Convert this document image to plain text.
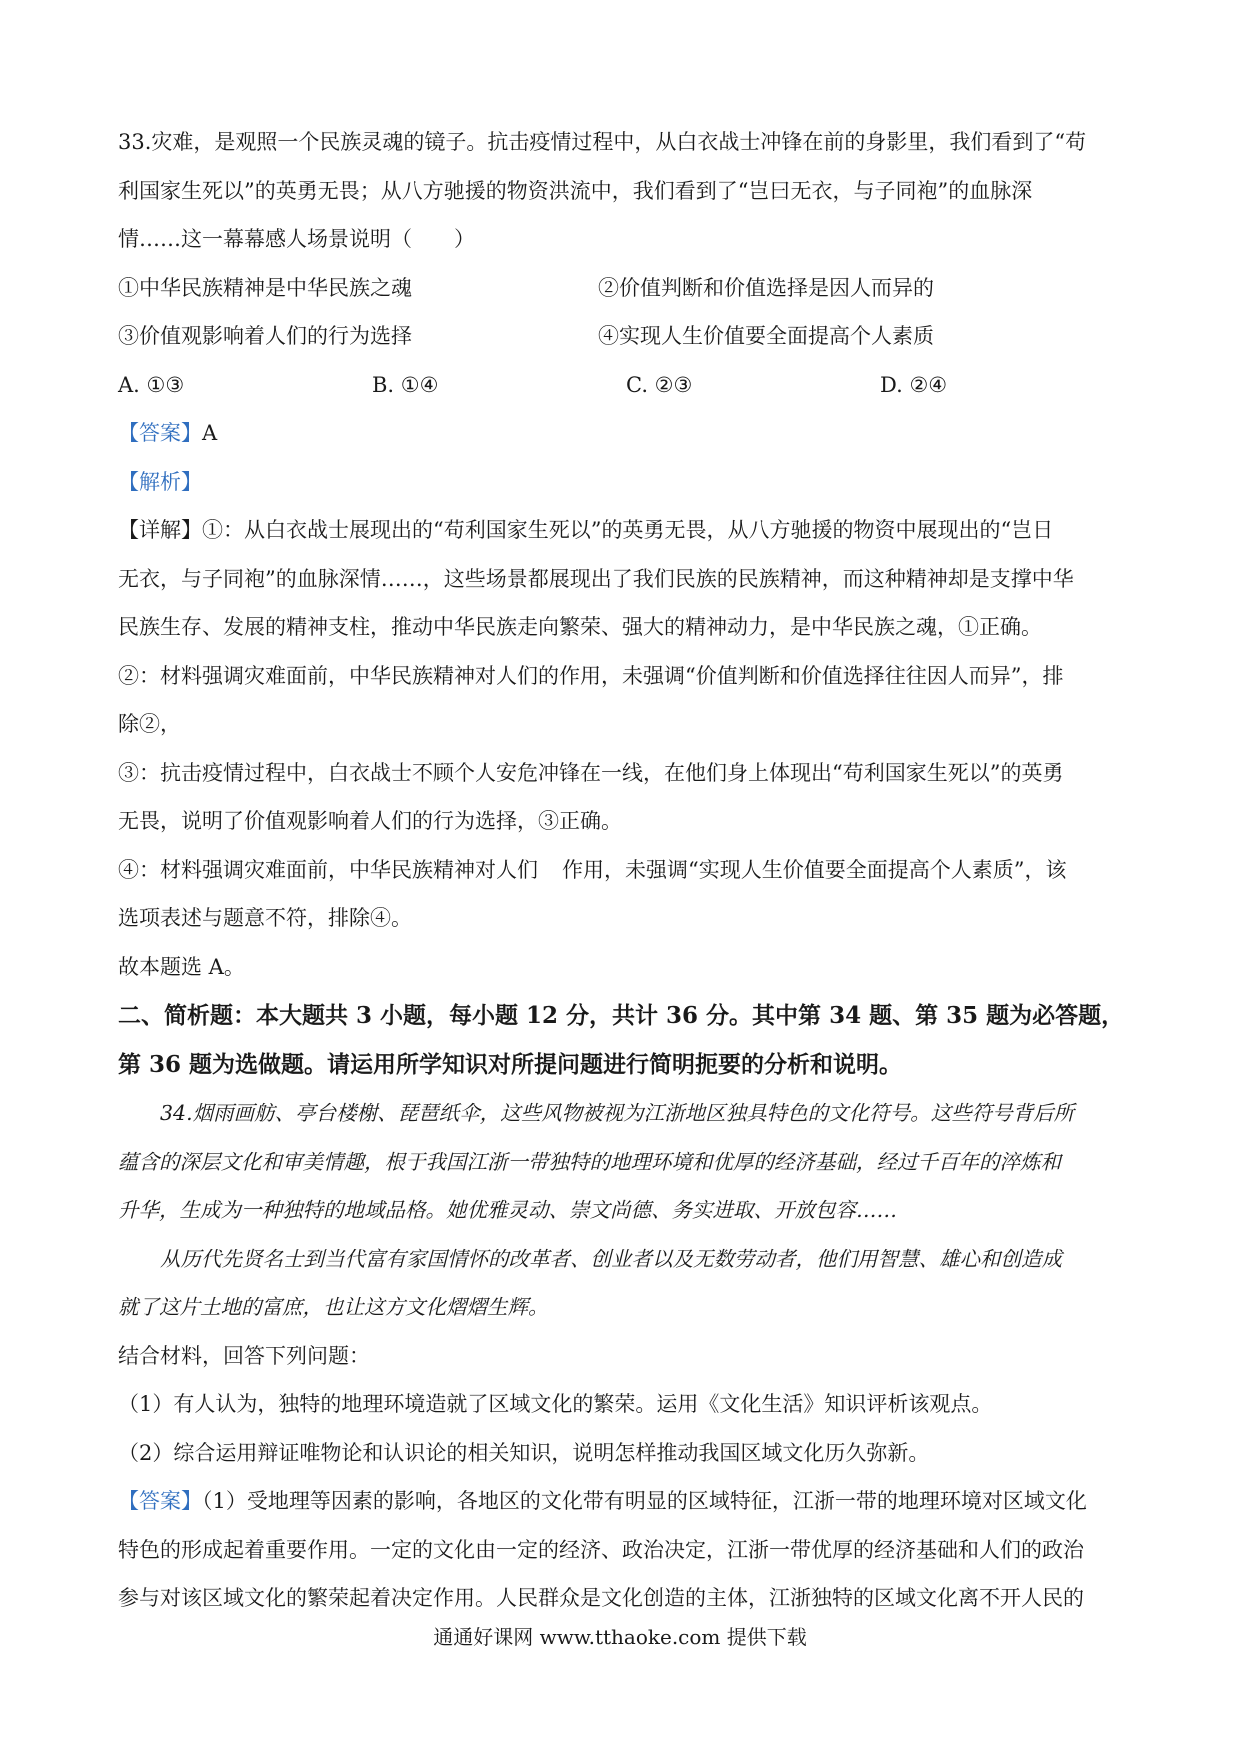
33.灾难，是观照一个民族灵魂的镜子。抗击疫情过程中，从白衣战士冲锋在前的身影里，我们看到了“苟
利国家生死以”的英勇无畏；从八方驰援的物资洪流中，我们看到了“岂曰无衣，与子同袍”的血脉深
情……这一幕幕感人场景说明（　　）
①中华民族精神是中华民族之魂	②价值判断和价值选择是因人而异的
③价值观影响着人们的行为选择	④实现人生价值要全面提高个人素质
A. ①③	B. ①④	C. ②③	D. ②④
【答案】A
【解析】
【详解】①：从白衣战士展现出的“苟利国家生死以”的英勇无畏，从八方驰援的物资中展现出的“岂日
无衣，与子同袍”的血脉深情……，这些场景都展现出了我们民族的民族精神，而这种精神却是支撑中华
民族生存、发展的精神支柱，推动中华民族走向繁荣、强大的精神动力，是中华民族之魂，①正确。
②：材料强调灾难面前，中华民族精神对人们的作用，未强调“价值判断和价值选择往往因人而异”，排
除②，
③：抗击疫情过程中，白衣战士不顾个人安危冲锋在一线，在他们身上体现出“苟利国家生死以”的英勇
无畏，说明了价值观影响着人们的行为选择，③正确。
④：材料强调灾难面前，中华民族精神对人们 作用，未强调“实现人生价值要全面提高个人素质”，该
选项表述与题意不符，排除④。
故本题选 A。
二、简析题：本大题共 3 小题，每小题 12 分，共计 36 分。其中第 34 题、第 35 题为必答题，
第 36 题为选做题。请运用所学知识对所提问题进行简明扼要的分析和说明。
34.烟雨画舫、亭台楼榭、琵琶纸伞，这些风物被视为江浙地区独具特色的文化符号。这些符号背后所
蕴含的深层文化和审美情趣，根于我国江浙一带独特的地理环境和优厚的经济基础，经过千百年的淬炼和
升华，生成为一种独特的地域品格。她优雅灵动、崇文尚德、务实进取、开放包容……
从历代先贤名士到当代富有家国情怀的改革者、创业者以及无数劳动者，他们用智慧、雄心和创造成
就了这片土地的富庶，也让这方文化熠熠生辉。
结合材料，回答下列问题：
（1）有人认为，独特的地理环境造就了区域文化的繁荣。运用《文化生活》知识评析该观点。
（2）综合运用辩证唯物论和认识论的相关知识，说明怎样推动我国区域文化历久弥新。
【答案】（1）受地理等因素的影响，各地区的文化带有明显的区域特征，江浙一带的地理环境对区域文化
特色的形成起着重要作用。一定的文化由一定的经济、政治决定，江浙一带优厚的经济基础和人们的政治
参与对该区域文化的繁荣起着决定作用。人民群众是文化创造的主体，江浙独特的区域文化离不开人民的
通通好课网 www.tthaoke.com 提供下载
